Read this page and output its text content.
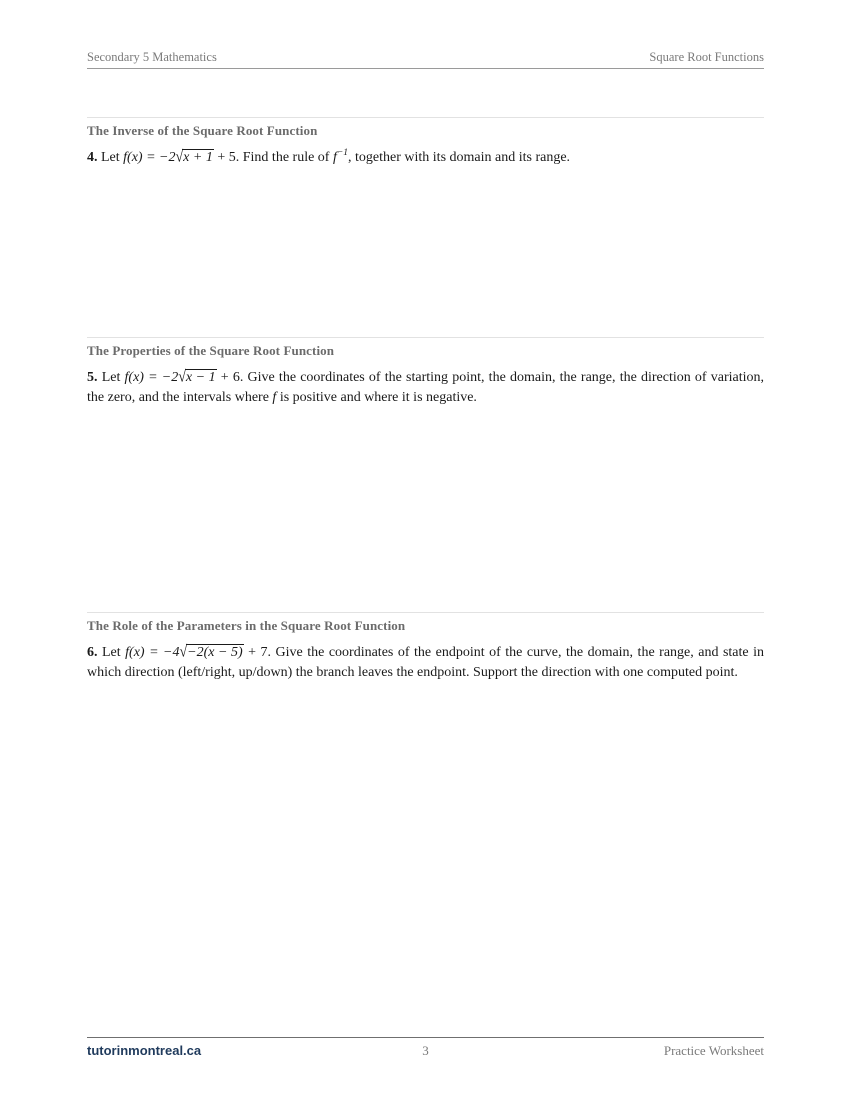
Secondary 5 Mathematics	Square Root Functions
The Inverse of the Square Root Function
4. Let f(x) = −2√x + 1 + 5. Find the rule of $f^{-1}$, together with its domain and its range.
The Properties of the Square Root Function
5. Let f(x) = −2√x − 1 + 6. Give the coordinates of the starting point, the domain, the range, the direction of variation, the zero, and the intervals where f is positive and where it is negative.
The Role of the Parameters in the Square Root Function
6. Let f(x) = −4√−2(x − 5) + 7. Give the coordinates of the endpoint of the curve, the domain, the range, and state in which direction (left/right, up/down) the branch leaves the endpoint. Support the direction with one computed point.
tutorinmontreal.ca	3	Practice Worksheet
